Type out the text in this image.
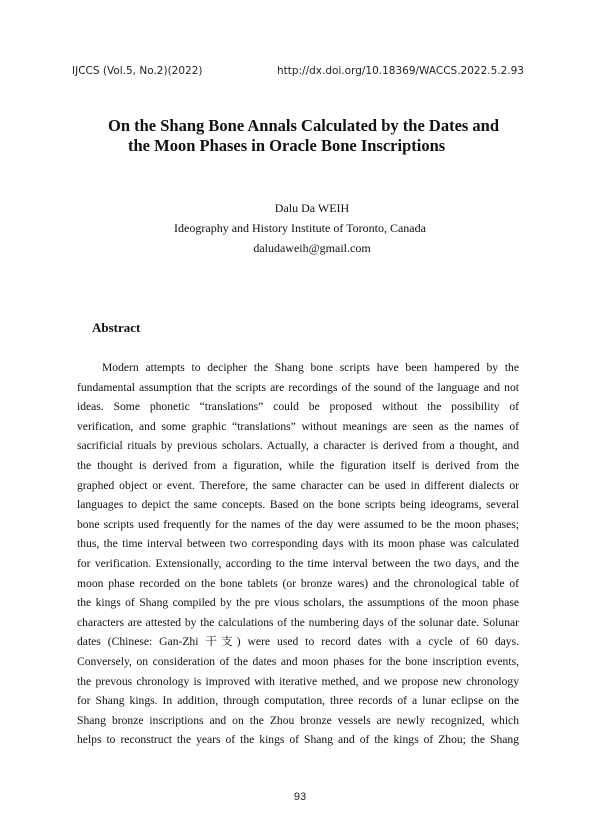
IJCCS (Vol.5, No.2)(2022)	http://dx.doi.org/10.18369/WACCS.2022.5.2.93
On the Shang Bone Annals Calculated by the Dates and
the Moon Phases in Oracle Bone Inscriptions
Dalu Da WEIH
Ideography and History Institute of Toronto, Canada
daludaweih@gmail.com
Abstract
Modern attempts to decipher the Shang bone scripts have been hampered by the
fundamental assumption that the scripts are recordings of the sound of the language and not
ideas. Some phonetic “translations” could be proposed without the possibility of
verification, and some graphic “translations” without meanings are seen as the names of
sacrificial rituals by previous scholars. Actually, a character is derived from a thought, and
the thought is derived from a figuration, while the figuration itself is derived from the
graphed object or event. Therefore, the same character can be used in different dialects or
languages to depict the same concepts. Based on the bone scripts being ideograms, several
bone scripts used frequently for the names of the day were assumed to be the moon phases;
thus, the time interval between two corresponding days with its moon phase was calculated
for verification. Extensionally, according to the time interval between the two days, and the
moon phase recorded on the bone tablets (or bronze wares) and the chronological table of
the kings of Shang compiled by the pre vious scholars, the assumptions of the moon phase
characters are attested by the calculations of the numbering days of the solunar date. Solunar
dates (Chinese: Gan-Zhi 干支) were used to record dates with a cycle of 60 days.
Conversely, on consideration of the dates and moon phases for the bone inscription events,
the prevous chronology is improved with iterative methed, and we propose new chronology
for Shang kings. In addition, through computation, three records of a lunar eclipse on the
Shang bronze inscriptions and on the Zhou bronze vessels are newly recognized, which
helps to reconstruct the years of the kings of Shang and of the kings of Zhou; the Shang
93
